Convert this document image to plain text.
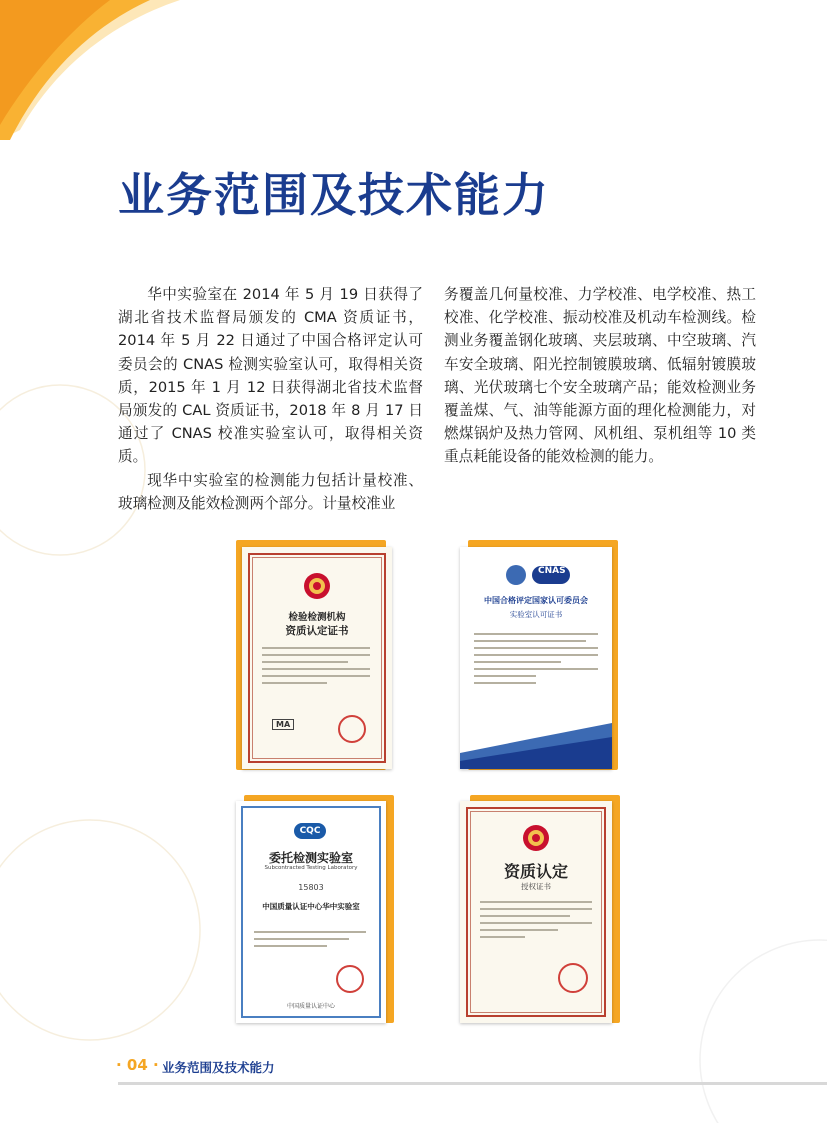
业务范围及技术能力

华中实验室在 2014 年 5 月 19 日获得了湖北省技术监督局颁发的 CMA 资质证书，2014 年 5 月 22 日通过了中国合格评定认可委员会的 CNAS 检测实验室认可，取得相关资质，2015 年 1 月 12 日获得湖北省技术监督局颁发的 CAL 资质证书，2018 年 8 月 17 日通过了 CNAS 校准实验室认可，取得相关资质。

现华中实验室的检测能力包括计量校准、玻璃检测及能效检测两个部分。计量校准业

务覆盖几何量校准、力学校准、电学校准、热工校准、化学校准、振动校准及机动车检测线。检测业务覆盖钢化玻璃、夹层玻璃、中空玻璃、汽车安全玻璃、阳光控制镀膜玻璃、低辐射镀膜玻璃、光伏玻璃七个安全玻璃产品；能效检测业务覆盖煤、气、油等能源方面的理化检测能力，对燃煤锅炉及热力管网、风机组、泵机组等 10 类重点耗能设备的能效检测的能力。

检验检测机构
资质认定证书
MA
CNAS
中国合格评定国家认可委员会
实验室认可证书
CQC
委托检测实验室
Subcontracted Testing Laboratory
15803
中国质量认证中心华中实验室
中国质量认证中心
资质认定
授权证书
· 04 · 业务范围及技术能力
